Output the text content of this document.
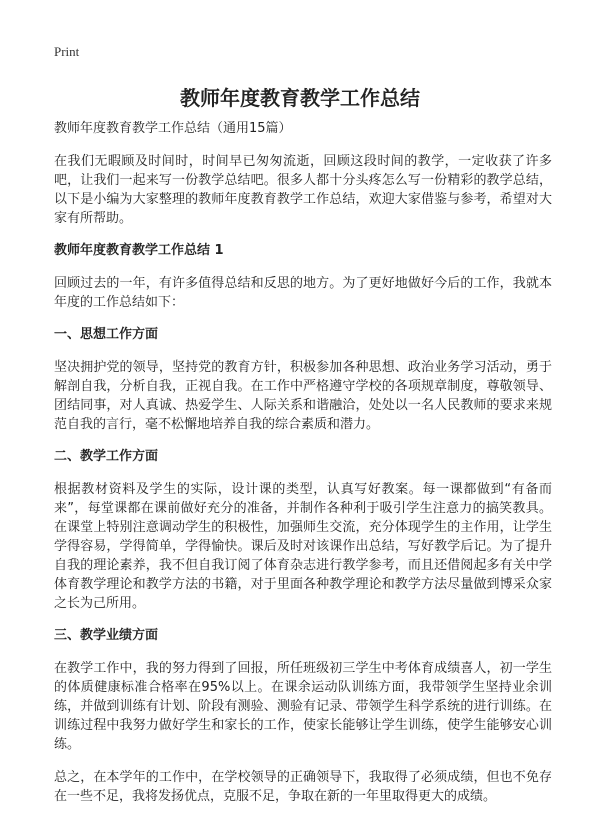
Print
教师年度教育教学工作总结

教师年度教育教学工作总结（通用15篇）

在我们无暇顾及时间时，时间早已匆匆流逝，回顾这段时间的教学，一定收获了许多吧，让我们一起来写一份教学总结吧。很多人都十分头疼怎么写一份精彩的教学总结，以下是小编为大家整理的教师年度教育教学工作总结，欢迎大家借鉴与参考，希望对大家有所帮助。

教师年度教育教学工作总结 1

回顾过去的一年，有许多值得总结和反思的地方。为了更好地做好今后的工作，我就本年度的工作总结如下：

一、思想工作方面

坚决拥护党的领导，坚持党的教育方针，积极参加各种思想、政治业务学习活动，勇于解剖自我，分析自我，正视自我。在工作中严格遵守学校的各项规章制度，尊敬领导、团结同事，对人真诚、热爱学生、人际关系和谐融洽，处处以一名人民教师的要求来规范自我的言行，毫不松懈地培养自我的综合素质和潜力。

二、教学工作方面

根据教材资料及学生的实际，设计课的类型，认真写好教案。每一课都做到“有备而来”，每堂课都在课前做好充分的准备，并制作各种利于吸引学生注意力的搞笑教具。在课堂上特别注意调动学生的积极性，加强师生交流，充分体现学生的主作用，让学生学得容易，学得简单，学得愉快。课后及时对该课作出总结，写好教学后记。为了提升自我的理论素养，我不但自我订阅了体育杂志进行教学参考，而且还借阅起多有关中学体育教学理论和教学方法的书籍，对于里面各种教学理论和教学方法尽量做到博采众家之长为己所用。

三、教学业绩方面

在教学工作中，我的努力得到了回报，所任班级初三学生中考体育成绩喜人，初一学生的体质健康标准合格率在95%以上。在课余运动队训练方面，我带领学生坚持业余训练，并做到训练有计划、阶段有测验、测验有记录、带领学生科学系统的进行训练。在训练过程中我努力做好学生和家长的工作，使家长能够让学生训练，使学生能够安心训练。

总之，在本学年的工作中，在学校领导的正确领导下，我取得了必须成绩，但也不免存在一些不足，我将发扬优点，克服不足，争取在新的一年里取得更大的成绩。
